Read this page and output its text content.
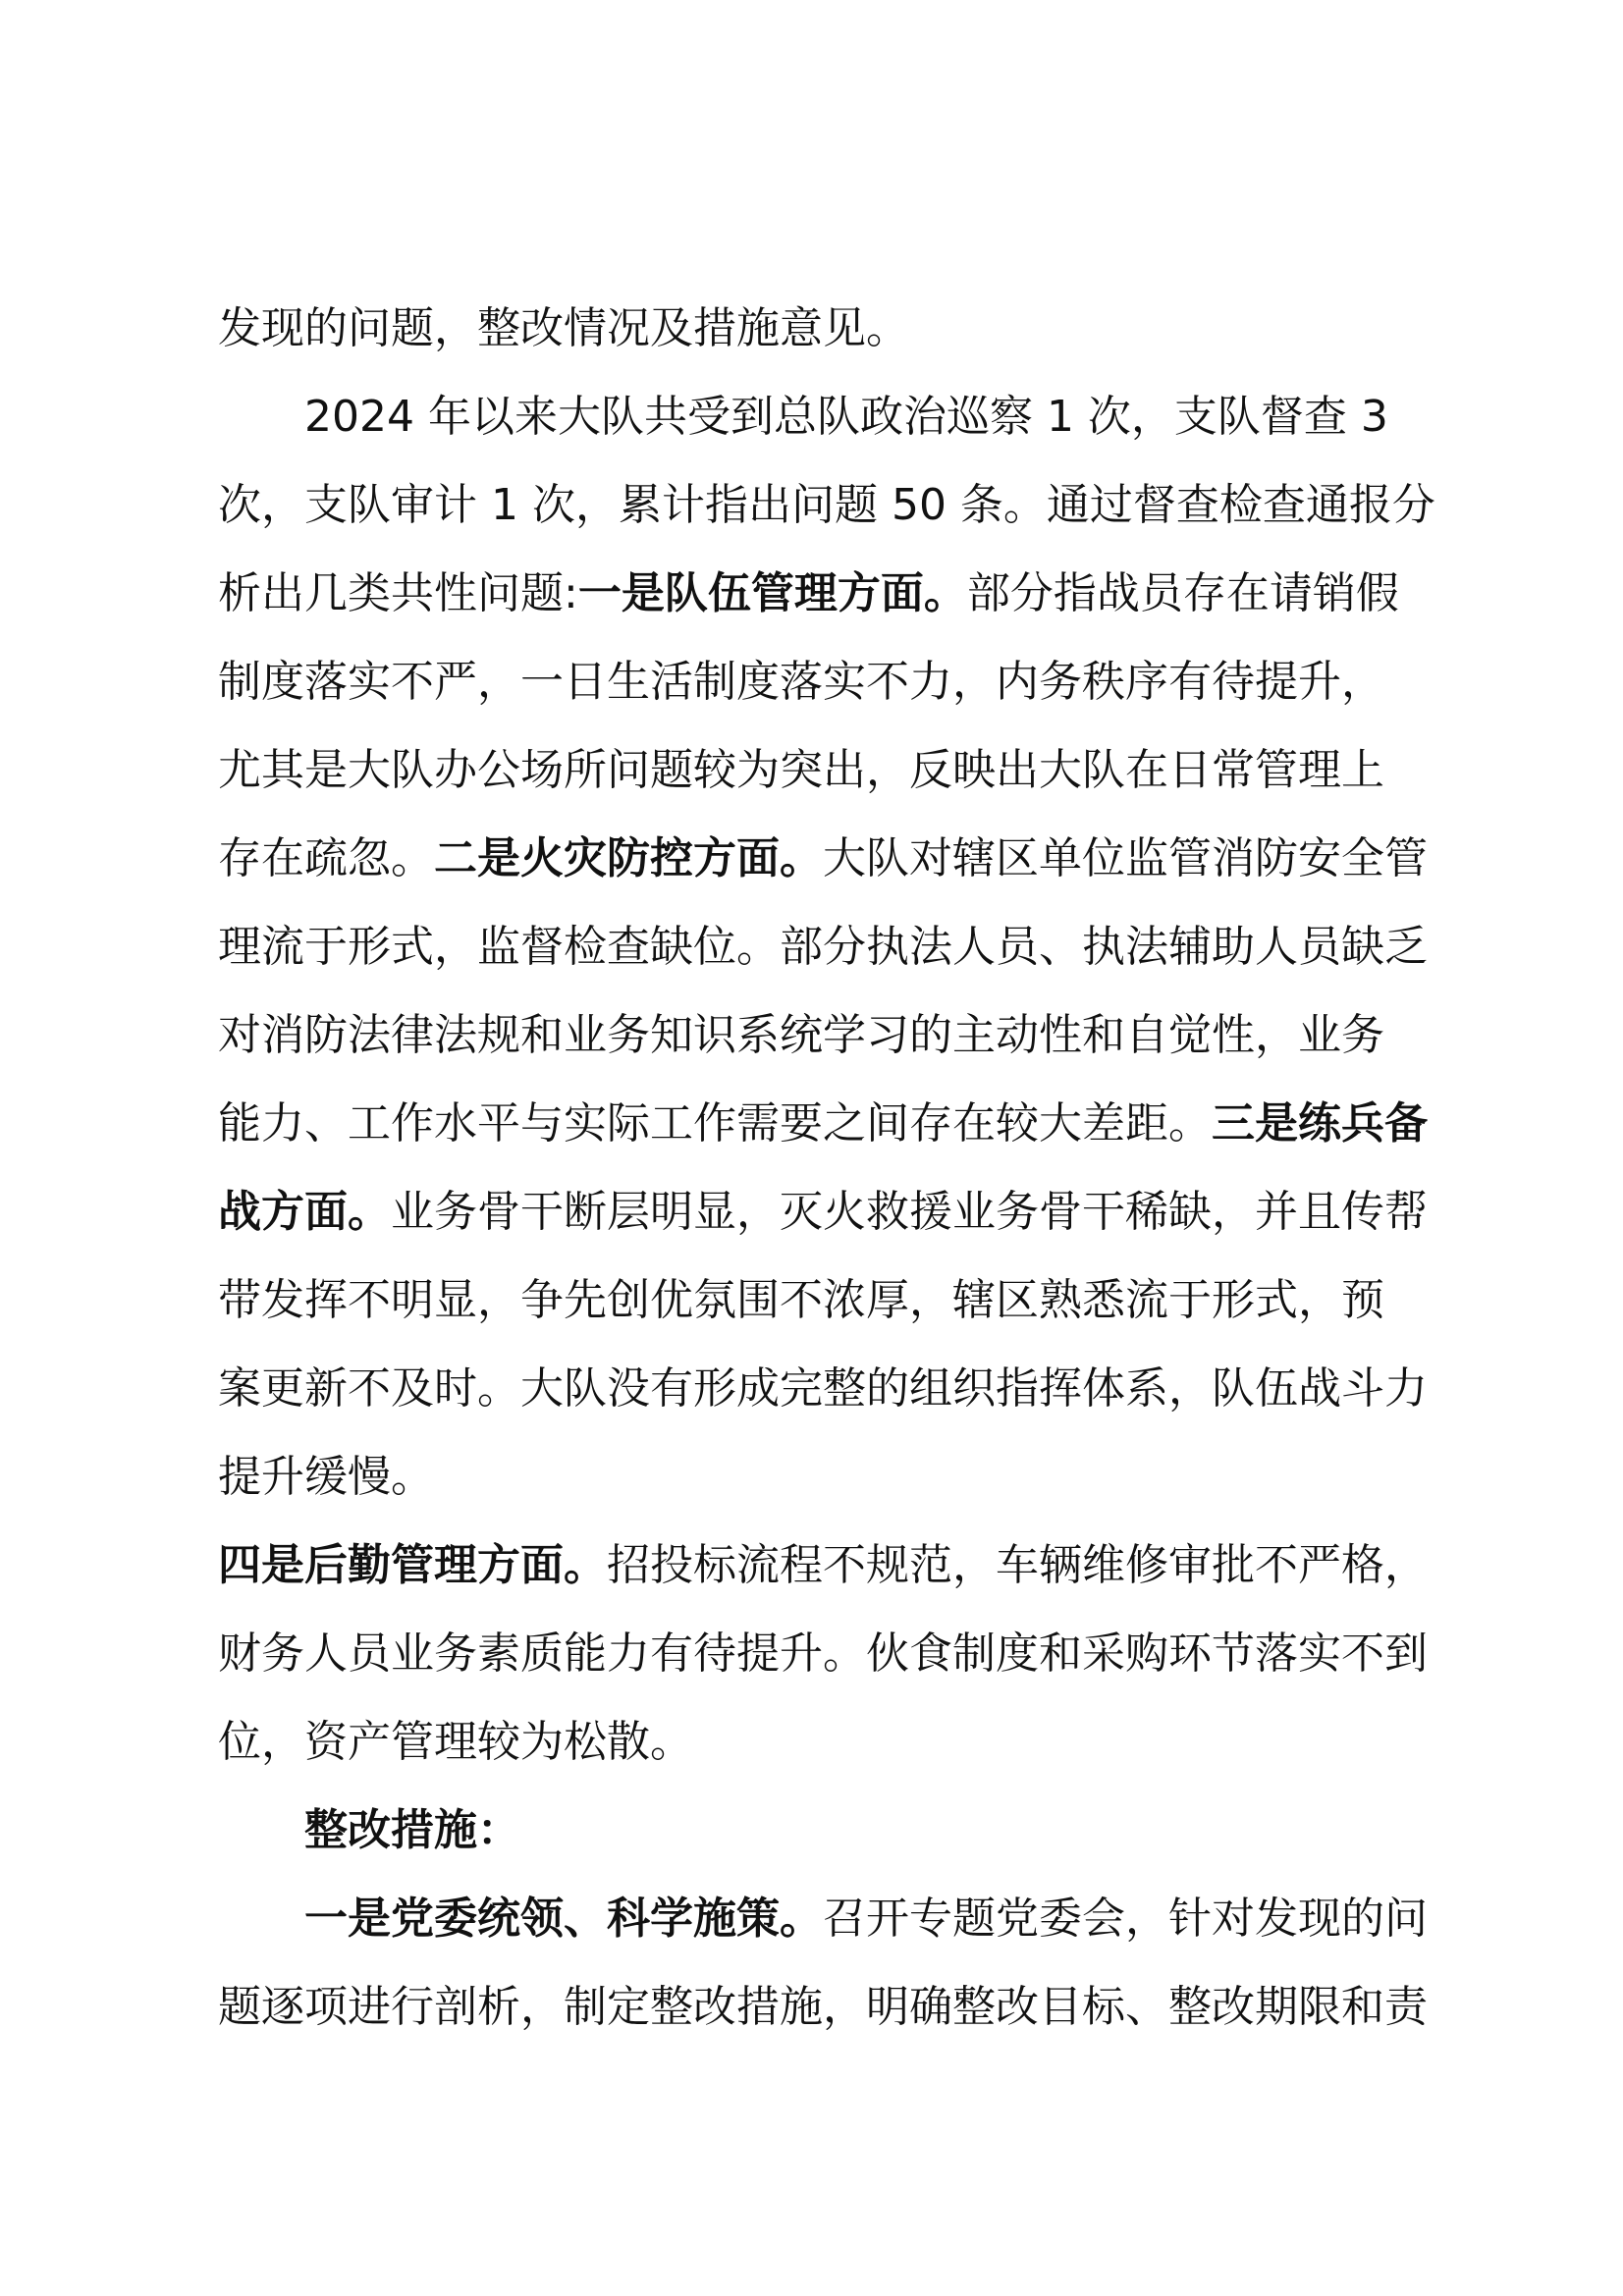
发现的问题，整改情况及措施意见。
2024 年以来大队共受到总队政治巡察 1 次，支队督查 3
次，支队审计 1 次，累计指出问题 50 条。通过督查检查通报分
析出几类共性问题:一是队伍管理方面。部分指战员存在请销假
制度落实不严，一日生活制度落实不力，内务秩序有待提升，
尤其是大队办公场所问题较为突出，反映出大队在日常管理上
存在疏忽。二是火灾防控方面。大队对辖区单位监管消防安全管
理流于形式，监督检查缺位。部分执法人员、执法辅助人员缺乏
对消防法律法规和业务知识系统学习的主动性和自觉性，业务
能力、工作水平与实际工作需要之间存在较大差距。三是练兵备
战方面。业务骨干断层明显，灭火救援业务骨干稀缺，并且传帮
带发挥不明显，争先创优氛围不浓厚，辖区熟悉流于形式，预
案更新不及时。大队没有形成完整的组织指挥体系，队伍战斗力
提升缓慢。
四是后勤管理方面。招投标流程不规范，车辆维修审批不严格，
财务人员业务素质能力有待提升。伙食制度和采购环节落实不到
位，资产管理较为松散。
整改措施：
一是党委统领、科学施策。召开专题党委会，针对发现的问
题逐项进行剖析，制定整改措施，明确整改目标、整改期限和责
